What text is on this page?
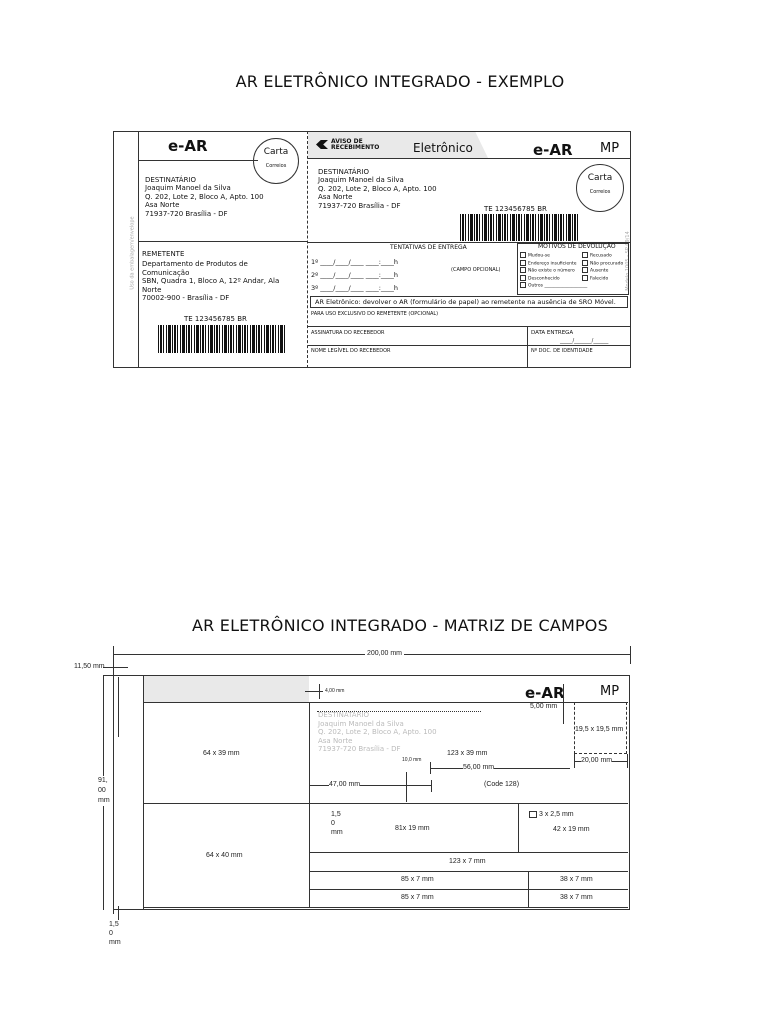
AR ELETRÔNICO INTEGRADO - EXEMPLO
Uso da embalagem/envelope
e-AR	Carta
Correios
DESTINATÁRIO
Joaquim Manoel da Silva
Q. 202, Lote 2, Bloco A, Apto. 100
Asa Norte
71937-720 Brasília - DF
REMETENTE
Departamento de Produtos de
Comunicação
SBN, Quadra 1, Bloco A, 12º Andar, Ala
Norte
70002-900 - Brasília - DF
TE 123456785 BR
AVISO DE RECEBIMENTO	Eletrônico	e-AR MP
DESTINATÁRIO
Joaquim Manoel da Silva
Q. 202, Lote 2, Bloco A, Apto. 100
Asa Norte
71937-720 Brasília - DF
Carta
Correios
TE 123456785 BR
Modelo 1005 - SP 09/14
TENTATIVAS DE ENTREGA
1º ____/____/____ ____:____h
2º ____/____/____ ____:____h
3º ____/____/____ ____:____h
(CAMPO OPCIONAL)
MOTIVOS DE DEVOLUÇÃO
Mudou-se	Recusado
Endereço insuficiente	Não procurado
Não existe o número	Ausente
Desconhecido	Falecido
Outros ___________________
AR Eletrônico: devolver o AR (formulário de papel) ao remetente na ausência de SRO Móvel.
PARA USO EXCLUSIVO DO REMETENTE (OPCIONAL)
ASSINATURA DO RECEBEDOR	DATA ENTREGA
_____/_______/______
NOME LEGÍVEL DO RECEBEDOR	Nº DOC. DE IDENTIDADE
AR ELETRÔNICO INTEGRADO - MATRIZ DE CAMPOS
200,00 mm
11,50 mm
91, 00 mm
64 x 39 mm
64 x 40 mm
4,00 mm	e-AR	MP
5,00 mm
19,5 x 19,5 mm
DESTINATÁRIO
Joaquim Manoel da Silva
Q. 202, Lote 2, Bloco A, Apto. 100
Asa Norte
71937-720 Brasília - DF
123 x 39 mm
10,0 mm
56,00 mm
20,00 mm
47,00 mm	(Code 128)
1,5 0 mm
81x 19 mm
3 x 2,5 mm
42 x 19 mm
123 x 7 mm
85 x 7 mm	38 x 7 mm
85 x 7 mm	38 x 7 mm
1,5 0 mm
